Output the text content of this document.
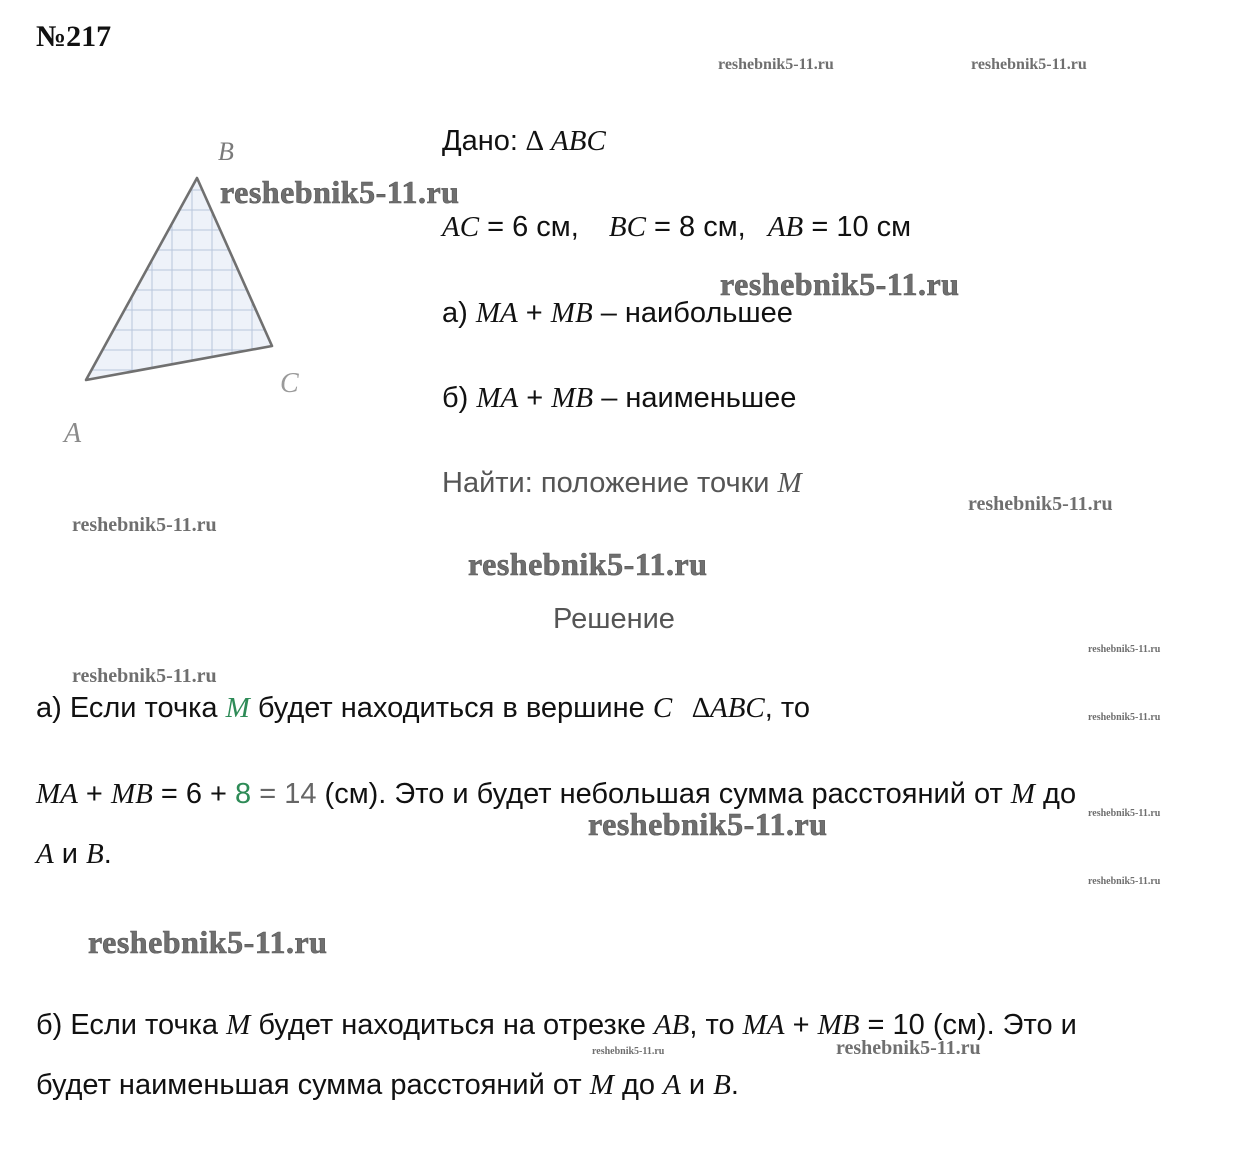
№217
B
C
A
Дано: ∆ ABC
AC = 6 см, BC = 8 см, AB = 10 см
а) MA + MB – наибольшее
б) MA + MB – наименьшее
Найти: положение точки M
Решение
а) Если точка M будет находиться в вершине C ∆ABC, то
MA + MB = 6 + 8 = 14 (см). Это и будет небольшая сумма расстояний от M до
A и B.
б) Если точка M будет находиться на отрезке AB, то MA + MB = 10 (см). Это и
будет наименьшая сумма расстояний от M до A и B.
reshebnik5-11.ru	reshebnik5-11.ru
reshebnik5-11.ru
reshebnik5-11.ru
reshebnik5-11.ru
reshebnik5-11.ru
reshebnik5-11.ru
reshebnik5-11.ru
reshebnik5-11.ru
reshebnik5-11.ru
reshebnik5-11.ru
reshebnik5-11.ru
reshebnik5-11.ru
reshebnik5-11.ru
reshebnik5-11.ru
reshebnik5-11.ru
